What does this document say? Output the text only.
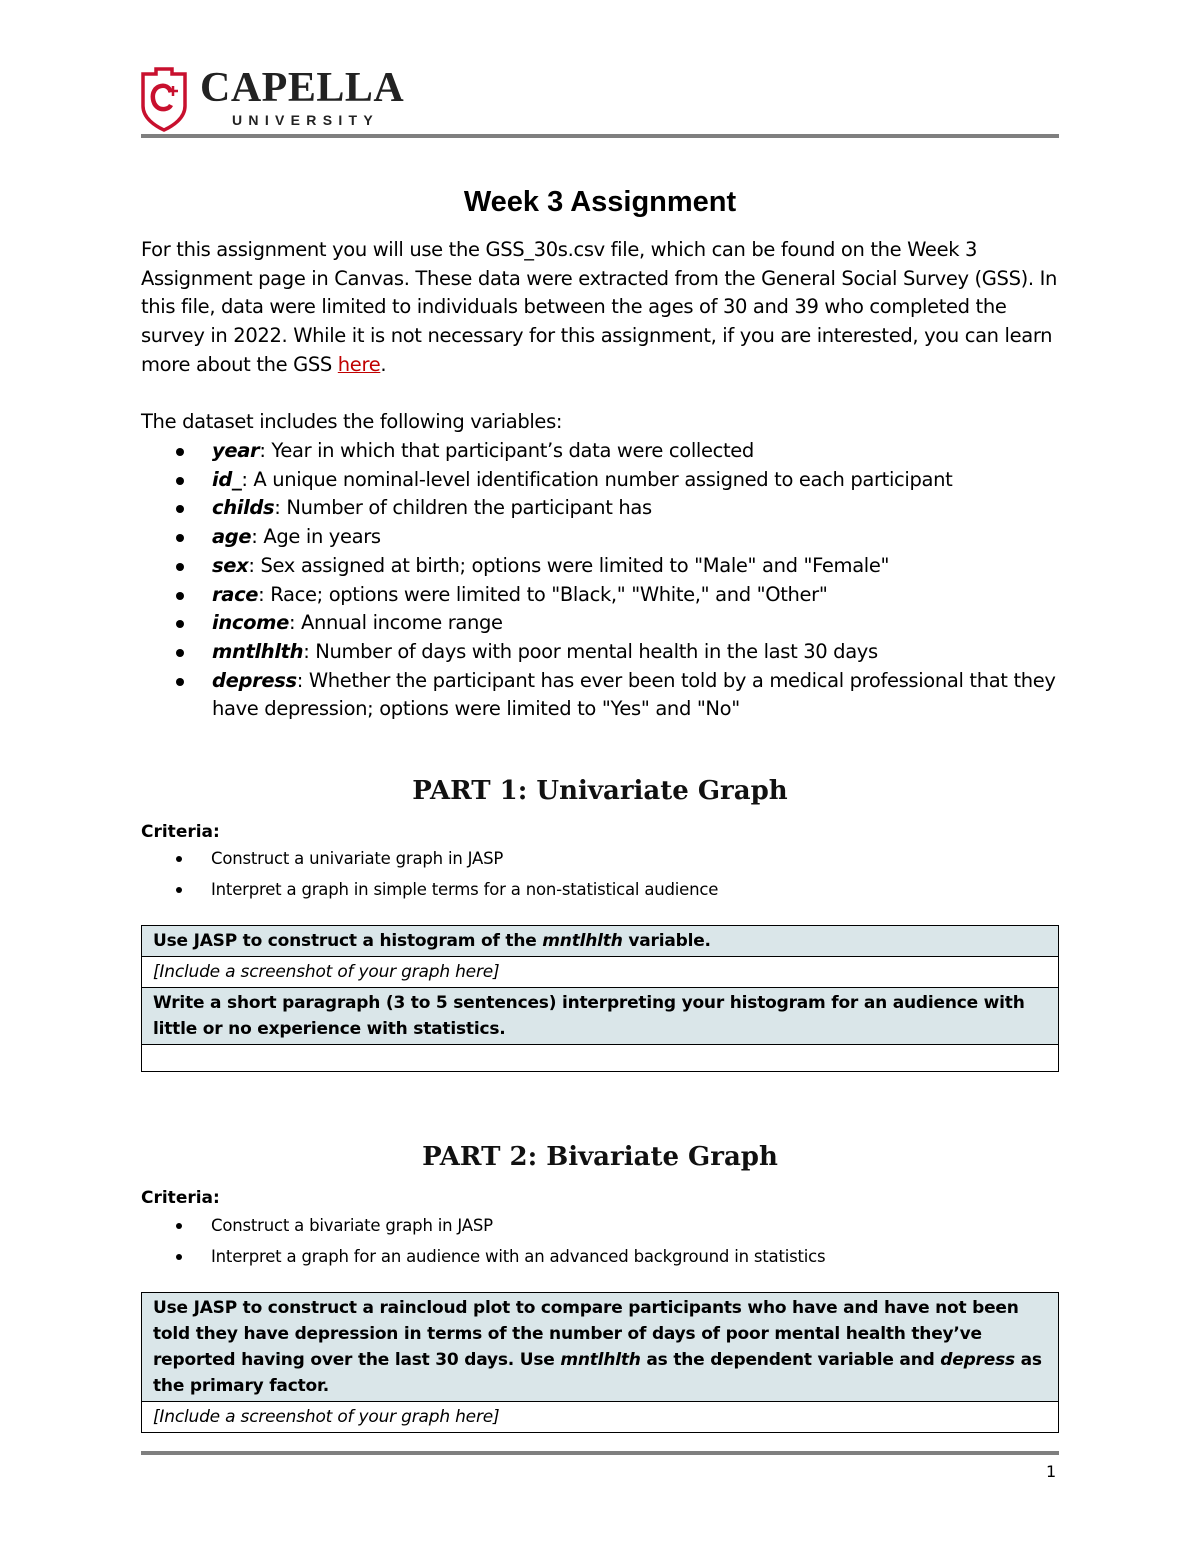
CAPELLA
UNIVERSITY
Week 3 Assignment
For this assignment you will use the GSS_30s.csv file, which can be found on the Week 3 Assignment page in Canvas. These data were extracted from the General Social Survey (GSS). In this file, data were limited to individuals between the ages of 30 and 39 who completed the survey in 2022. While it is not necessary for this assignment, if you are interested, you can learn more about the GSS here.
The dataset includes the following variables:
year: Year in which that participant’s data were collected
id_: A unique nominal-level identification number assigned to each participant
childs: Number of children the participant has
age: Age in years
sex: Sex assigned at birth; options were limited to "Male" and "Female"
race: Race; options were limited to "Black," "White," and "Other"
income: Annual income range
mntlhlth: Number of days with poor mental health in the last 30 days
depress: Whether the participant has ever been told by a medical professional that they have depression; options were limited to "Yes" and "No"
PART 1: Univariate Graph
Criteria:
Construct a univariate graph in JASP
Interpret a graph in simple terms for a non-statistical audience
Use JASP to construct a histogram of the mntlhlth variable.
[Include a screenshot of your graph here]
Write a short paragraph (3 to 5 sentences) interpreting your histogram for an audience with little or no experience with statistics.

PART 2: Bivariate Graph
Criteria:
Construct a bivariate graph in JASP
Interpret a graph for an audience with an advanced background in statistics
Use JASP to construct a raincloud plot to compare participants who have and have not been told they have depression in terms of the number of days of poor mental health they’ve reported having over the last 30 days. Use mntlhlth as the dependent variable and depress as the primary factor.
[Include a screenshot of your graph here]
1
